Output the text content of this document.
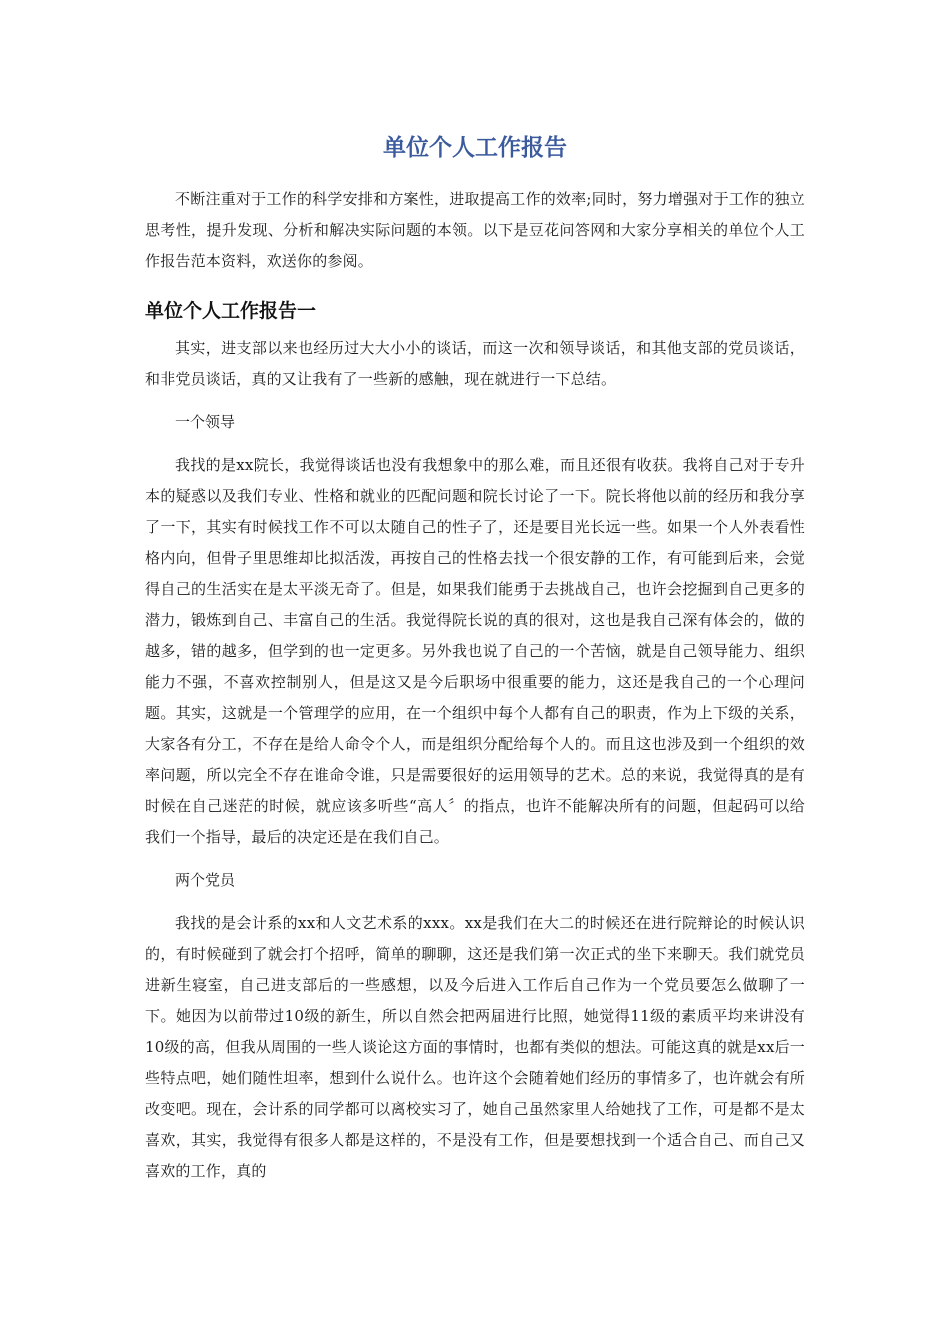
单位个人工作报告

不断注重对于工作的科学安排和方案性，进取提高工作的效率;同时，努力增强对于工作的独立思考性，提升发现、分析和解决实际问题的本领。以下是豆花问答网和大家分享相关的单位个人工作报告范本资料，欢送你的参阅。

单位个人工作报告一

其实，进支部以来也经历过大大小小的谈话，而这一次和领导谈话，和其他支部的党员谈话，和非党员谈话，真的又让我有了一些新的感触，现在就进行一下总结。

一个领导

我找的是xx院长，我觉得谈话也没有我想象中的那么难，而且还很有收获。我将自己对于专升本的疑惑以及我们专业、性格和就业的匹配问题和院长讨论了一下。院长将他以前的经历和我分享了一下，其实有时候找工作不可以太随自己的性子了，还是要目光长远一些。如果一个人外表看性格内向，但骨子里思维却比拟活泼，再按自己的性格去找一个很安静的工作，有可能到后来，会觉得自己的生活实在是太平淡无奇了。但是，如果我们能勇于去挑战自己，也许会挖掘到自己更多的潜力，锻炼到自己、丰富自己的生活。我觉得院长说的真的很对，这也是我自己深有体会的，做的越多，错的越多，但学到的也一定更多。另外我也说了自己的一个苦恼，就是自己领导能力、组织能力不强，不喜欢控制别人，但是这又是今后职场中很重要的能力，这还是我自己的一个心理问题。其实，这就是一个管理学的应用，在一个组织中每个人都有自己的职责，作为上下级的关系，大家各有分工，不存在是给人命令个人，而是组织分配给每个人的。而且这也涉及到一个组织的效率问题，所以完全不存在谁命令谁，只是需要很好的运用领导的艺术。总的来说，我觉得真的是有时候在自己迷茫的时候，就应该多听些“高人〞的指点，也许不能解决所有的问题，但起码可以给我们一个指导，最后的决定还是在我们自己。

两个党员

我找的是会计系的xx和人文艺术系的xxx。xx是我们在大二的时候还在进行院辩论的时候认识的，有时候碰到了就会打个招呼，简单的聊聊，这还是我们第一次正式的坐下来聊天。我们就党员进新生寝室，自己进支部后的一些感想，以及今后进入工作后自己作为一个党员要怎么做聊了一下。她因为以前带过10级的新生，所以自然会把两届进行比照，她觉得11级的素质平均来讲没有10级的高，但我从周围的一些人谈论这方面的事情时，也都有类似的想法。可能这真的就是xx后一些特点吧，她们随性坦率，想到什么说什么。也许这个会随着她们经历的事情多了，也许就会有所改变吧。现在，会计系的同学都可以离校实习了，她自己虽然家里人给她找了工作，可是都不是太喜欢，其实，我觉得有很多人都是这样的，不是没有工作，但是要想找到一个适合自己、而自己又喜欢的工作，真的
